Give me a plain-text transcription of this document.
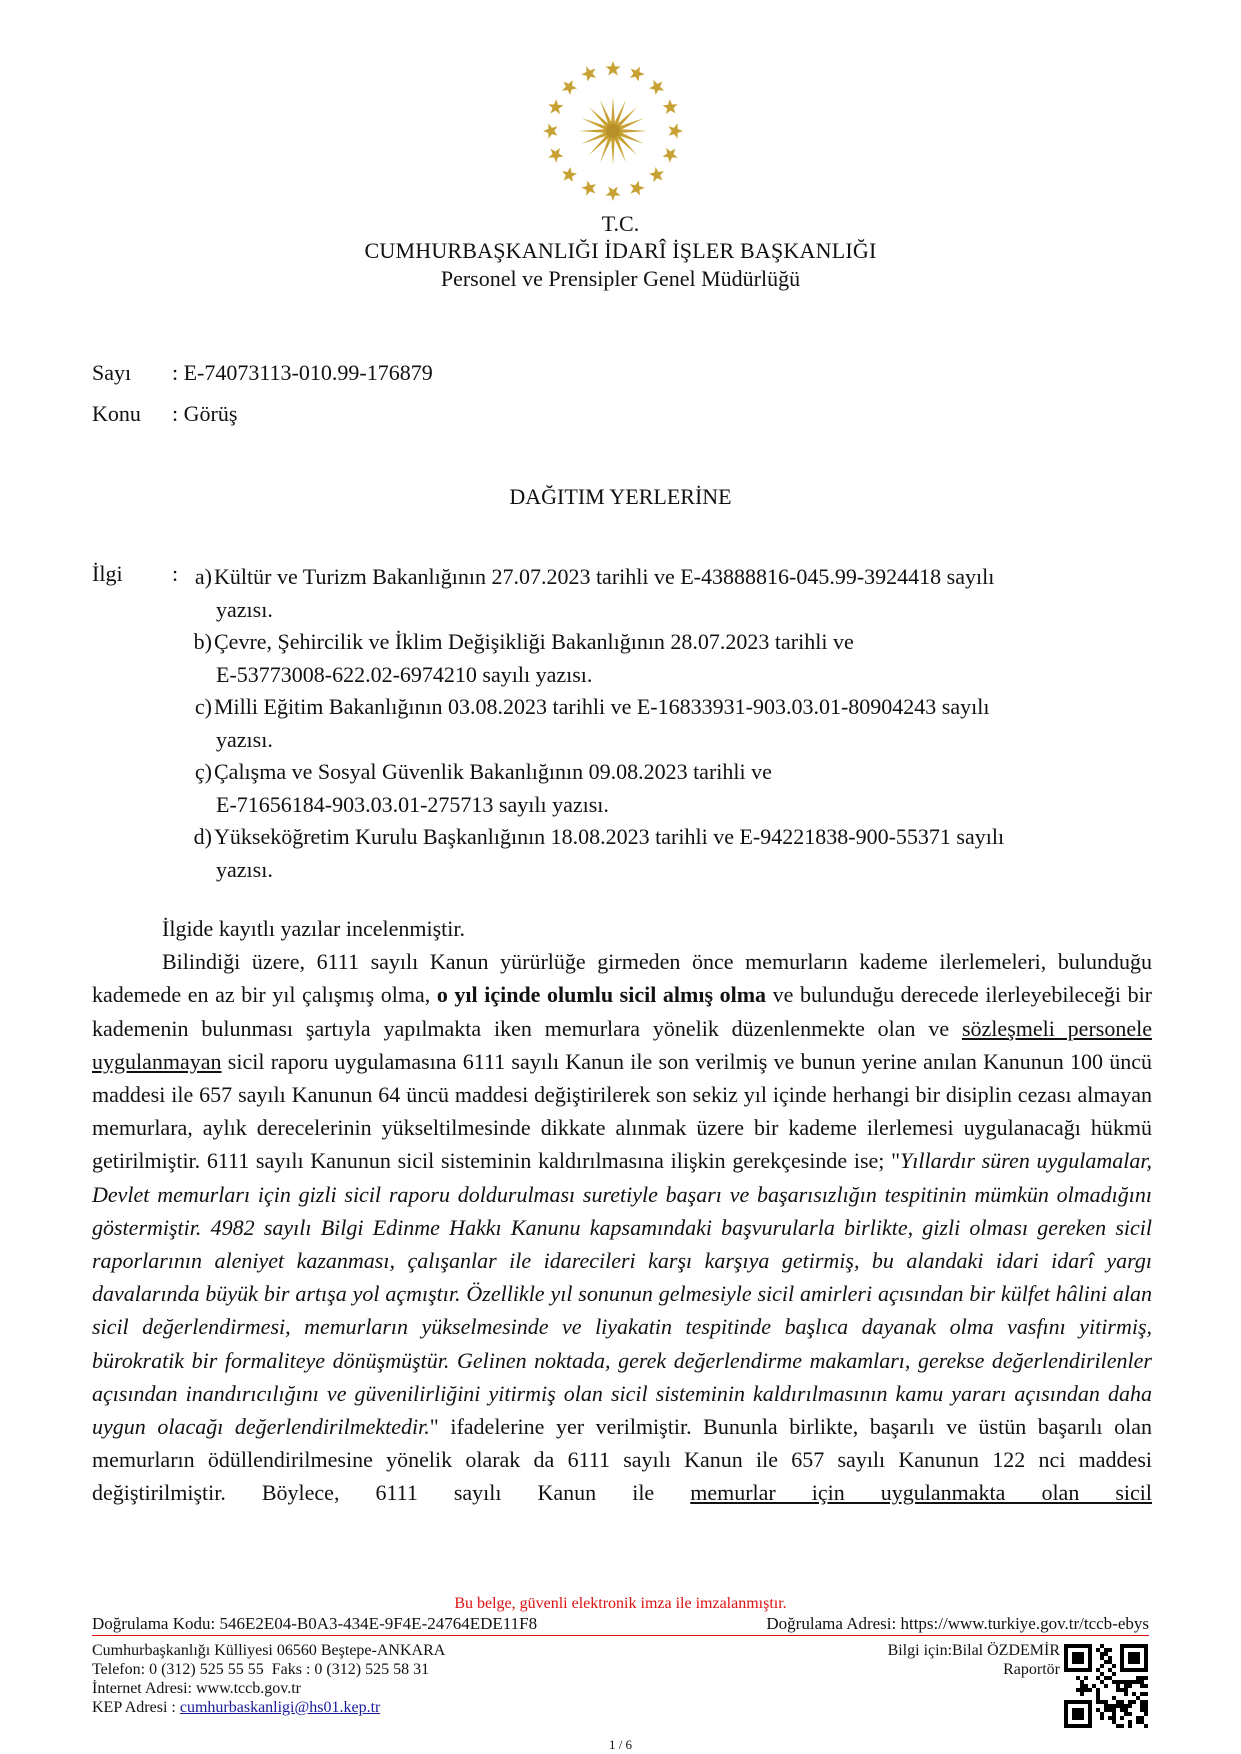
T.C.
CUMHURBAŞKANLIĞI İDARÎ İŞLER BAŞKANLIĞI
Personel ve Prensipler Genel Müdürlüğü
Sayı : E-74073113-010.99-176879
Konu : Görüş
DAĞITIM YERLERİNE
İlgi : a) Kültür ve Turizm Bakanlığının 27.07.2023 tarihli ve E-43888816-045.99-3924418 sayılı
yazısı.
b) Çevre, Şehircilik ve İklim Değişikliği Bakanlığının 28.07.2023 tarihli ve
E-53773008-622.02-6974210 sayılı yazısı.
c) Milli Eğitim Bakanlığının 03.08.2023 tarihli ve E-16833931-903.03.01-80904243 sayılı
yazısı.
ç) Çalışma ve Sosyal Güvenlik Bakanlığının 09.08.2023 tarihli ve
E-71656184-903.03.01-275713 sayılı yazısı.
d) Yükseköğretim Kurulu Başkanlığının 18.08.2023 tarihli ve E-94221838-900-55371 sayılı
yazısı.

İlgide kayıtlı yazılar incelenmiştir.

Bilindiği üzere, 6111 sayılı Kanun yürürlüğe girmeden önce memurların kademe ilerlemeleri, bulunduğu kademede en az bir yıl çalışmış olma, o yıl içinde olumlu sicil almış olma ve bulunduğu derecede ilerleyebileceği bir kademenin bulunması şartıyla yapılmakta iken memurlara yönelik düzenlenmekte olan ve sözleşmeli personele uygulanmayan sicil raporu uygulamasına 6111 sayılı Kanun ile son verilmiş ve bunun yerine anılan Kanunun 100 üncü maddesi ile 657 sayılı Kanunun 64 üncü maddesi değiştirilerek son sekiz yıl içinde herhangi bir disiplin cezası almayan memurlara, aylık derecelerinin yükseltilmesinde dikkate alınmak üzere bir kademe ilerlemesi uygulanacağı hükmü getirilmiştir. 6111 sayılı Kanunun sicil sisteminin kaldırılmasına ilişkin gerekçesinde ise; "Yıllardır süren uygulamalar, Devlet memurları için gizli sicil raporu doldurulması suretiyle başarı ve başarısızlığın tespitinin mümkün olmadığını göstermiştir. 4982 sayılı Bilgi Edinme Hakkı Kanunu kapsamındaki başvurularla birlikte, gizli olması gereken sicil raporlarının aleniyet kazanması, çalışanlar ile idarecileri karşı karşıya getirmiş, bu alandaki idari idarî yargı davalarında büyük bir artışa yol açmıştır. Özellikle yıl sonunun gelmesiyle sicil amirleri açısından bir külfet hâlini alan sicil değerlendirmesi, memurların yükselmesinde ve liyakatin tespitinde başlıca dayanak olma vasfını yitirmiş, bürokratik bir formaliteye dönüşmüştür. Gelinen noktada, gerek değerlendirme makamları, gerekse değerlendirilenler açısından inandırıcılığını ve güvenilirliğini yitirmiş olan sicil sisteminin kaldırılmasının kamu yararı açısından daha uygun olacağı değerlendirilmektedir." ifadelerine yer verilmiştir. Bununla birlikte, başarılı ve üstün başarılı olan memurların ödüllendirilmesine yönelik olarak da 6111 sayılı Kanun ile 657 sayılı Kanunun 122 nci maddesi değiştirilmiştir. Böylece, 6111 sayılı Kanun ile memurlar için uygulanmakta olan sicil

Bu belge, güvenli elektronik imza ile imzalanmıştır.
Doğrulama Kodu: 546E2E04-B0A3-434E-9F4E-24764EDE11F8	Doğrulama Adresi: https://www.turkiye.gov.tr/tccb-ebys
Cumhurbaşkanlığı Külliyesi 06560 Beştepe-ANKARA
Telefon: 0 (312) 525 55 55  Faks : 0 (312) 525 58 31
İnternet Adresi: www.tccb.gov.tr
KEP Adresi : cumhurbaskanligi@hs01.kep.tr
Bilgi için:Bilal ÖZDEMİR
Raportör
1 / 6
